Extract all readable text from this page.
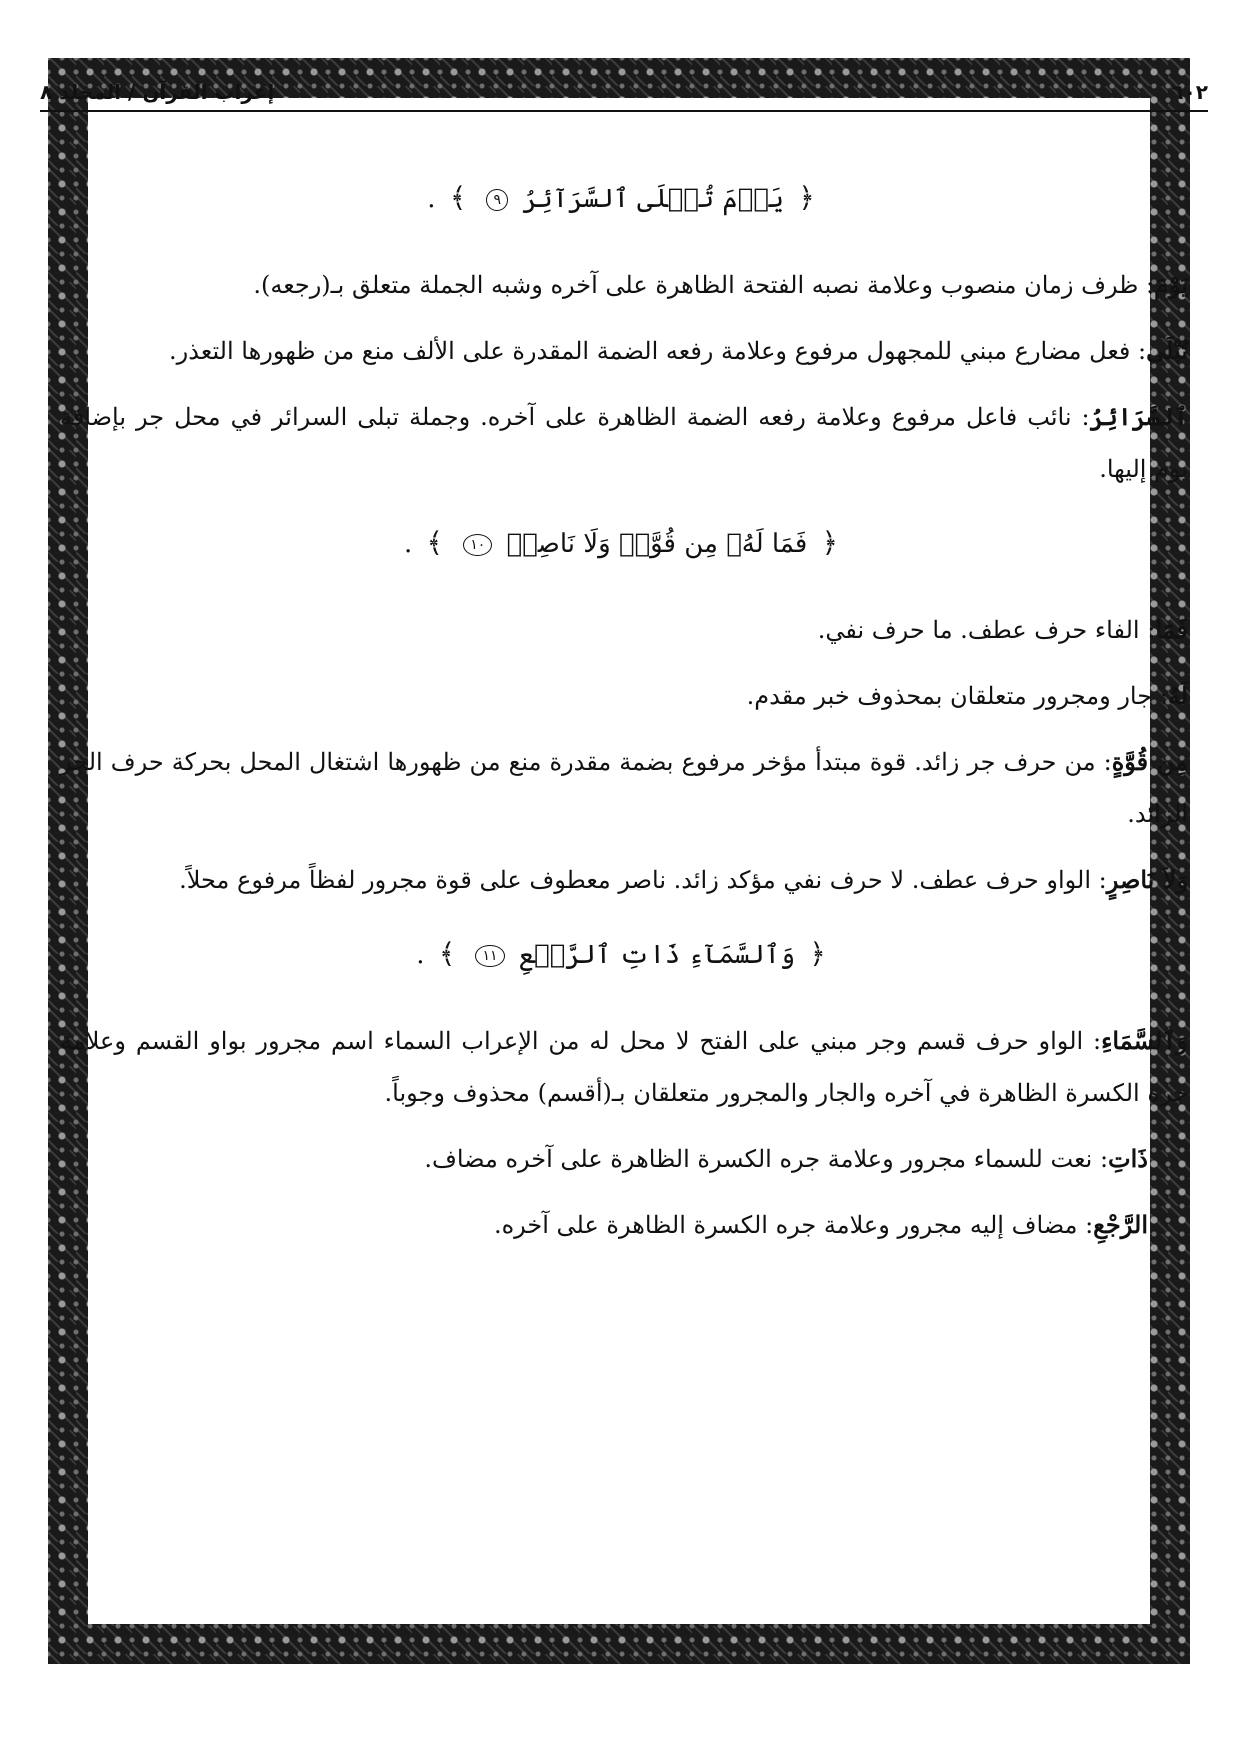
إعراب القرآن / المجلد ٨	٦٠٢
﴿ يَوۡمَ تُبۡلَى ٱلسَّرَآئِرُ ٩ ﴾ .

يَوْمَ: ظرف زمان منصوب وعلامة نصبه الفتحة الظاهرة على آخره وشبه الجملة متعلق بـ(رجعه).

تُبْلَى: فعل مضارع مبني للمجهول مرفوع وعلامة رفعه الضمة المقدرة على الألف منع من ظهورها التعذر.

ٱلسَّرَائِرُ: نائب فاعل مرفوع وعلامة رفعه الضمة الظاهرة على آخره. وجملة تبلى السرائر في محل جر بإضافة يوم إليها.

﴿ فَمَا لَهُۥ مِن قُوَّةٖ وَلَا نَاصِرٖ ١٠ ﴾ .

فَمَا: الفاء حرف عطف. ما حرف نفي.

لَهُ: جار ومجرور متعلقان بمحذوف خبر مقدم.

مِن قُوَّةٍ: من حرف جر زائد. قوة مبتدأ مؤخر مرفوع بضمة مقدرة منع من ظهورها اشتغال المحل بحركة حرف الجر الزائد.

وَلاَ نَاصِرٍ: الواو حرف عطف. لا حرف نفي مؤكد زائد. ناصر معطوف على قوة مجرور لفظاً مرفوع محلاً.

﴿ وَٱلسَّمَآءِ ذَاتِ ٱلرَّجۡعِ ١١ ﴾ .

وَٱلسَّمَاءِ: الواو حرف قسم وجر مبني على الفتح لا محل له من الإعراب السماء اسم مجرور بواو القسم وعلامة جره الكسرة الظاهرة في آخره والجار والمجرور متعلقان بـ(أقسم) محذوف وجوباً.

ذَاتِ: نعت للسماء مجرور وعلامة جره الكسرة الظاهرة على آخره مضاف.

الرَّجْعِ: مضاف إليه مجرور وعلامة جره الكسرة الظاهرة على آخره.
